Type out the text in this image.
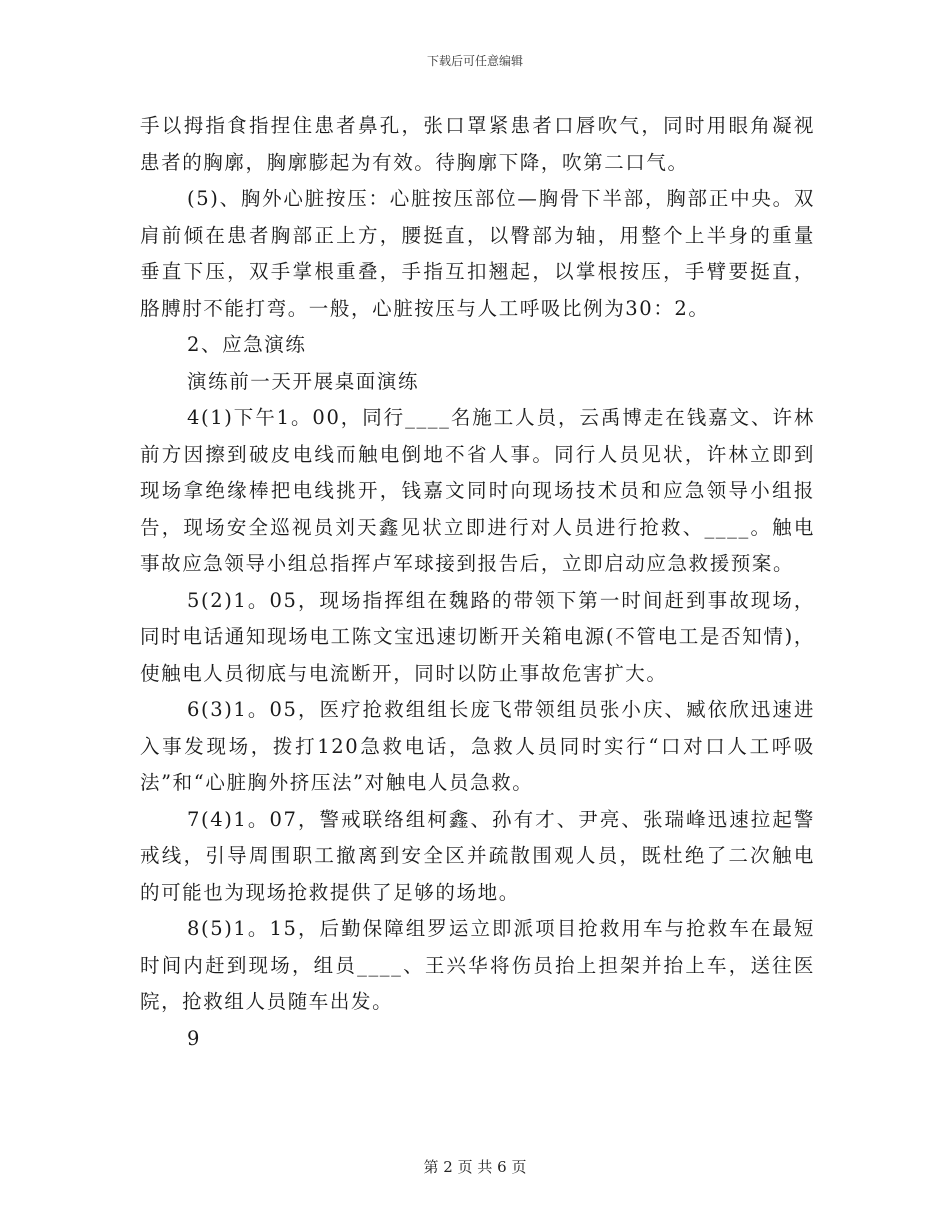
下载后可任意编辑

手以拇指食指捏住患者鼻孔，张口罩紧患者口唇吹气，同时用眼角凝视患者的胸廓，胸廓膨起为有效。待胸廓下降，吹第二口气。

(5)、胸外心脏按压：心脏按压部位—胸骨下半部，胸部正中央。双肩前倾在患者胸部正上方，腰挺直，以臀部为轴，用整个上半身的重量垂直下压，双手掌根重叠，手指互扣翘起，以掌根按压，手臂要挺直，胳膊肘不能打弯。一般，心脏按压与人工呼吸比例为30：2。

2、应急演练

演练前一天开展桌面演练

4(1)下午1。00，同行____名施工人员，云禹博走在钱嘉文、许林前方因擦到破皮电线而触电倒地不省人事。同行人员见状，许林立即到现场拿绝缘棒把电线挑开，钱嘉文同时向现场技术员和应急领导小组报告，现场安全巡视员刘天鑫见状立即进行对人员进行抢救、____。触电事故应急领导小组总指挥卢军球接到报告后，立即启动应急救援预案。

5(2)1。05，现场指挥组在魏路的带领下第一时间赶到事故现场，同时电话通知现场电工陈文宝迅速切断开关箱电源(不管电工是否知情)，使触电人员彻底与电流断开，同时以防止事故危害扩大。

6(3)1。05，医疗抢救组组长庞飞带领组员张小庆、臧依欣迅速进入事发现场，拨打120急救电话，急救人员同时实行“口对口人工呼吸法”和“心脏胸外挤压法”对触电人员急救。

7(4)1。07，警戒联络组柯鑫、孙有才、尹亮、张瑞峰迅速拉起警戒线，引导周围职工撤离到安全区并疏散围观人员，既杜绝了二次触电的可能也为现场抢救提供了足够的场地。

8(5)1。15，后勤保障组罗运立即派项目抢救用车与抢救车在最短时间内赶到现场，组员____、王兴华将伤员抬上担架并抬上车，送往医院，抢救组人员随车出发。

9

第 2 页 共 6 页
